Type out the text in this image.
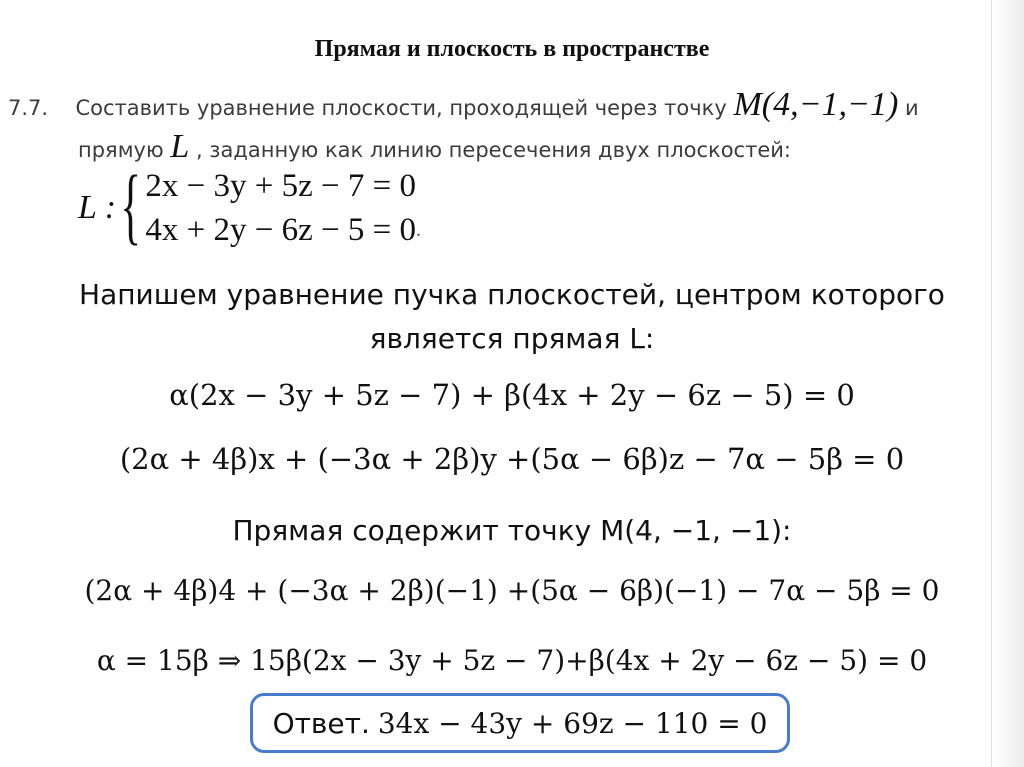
Прямая и плоскость в пространстве
7.7. Составить уравнение плоскости, проходящей через точку M(4,−1,−1) и
прямую L , заданную как линию пересечения двух плоскостей:
L : { 2x − 3y + 5z − 7 = 0
4x + 2y − 6z − 5 = 0 .
Напишем уравнение пучка плоскостей, центром которого
является прямая L:
α(2x − 3y + 5z − 7) + β(4x + 2y − 6z − 5) = 0
(2α + 4β)x + (−3α + 2β)y +(5α − 6β)z − 7α − 5β = 0
Прямая содержит точку M(4, −1, −1):
(2α + 4β)4 + (−3α + 2β)(−1) +(5α − 6β)(−1) − 7α − 5β = 0
α = 15β ⇒ 15β(2x − 3y + 5z − 7)+β(4x + 2y − 6z − 5) = 0
Ответ. 34x − 43y + 69z − 110 = 0
